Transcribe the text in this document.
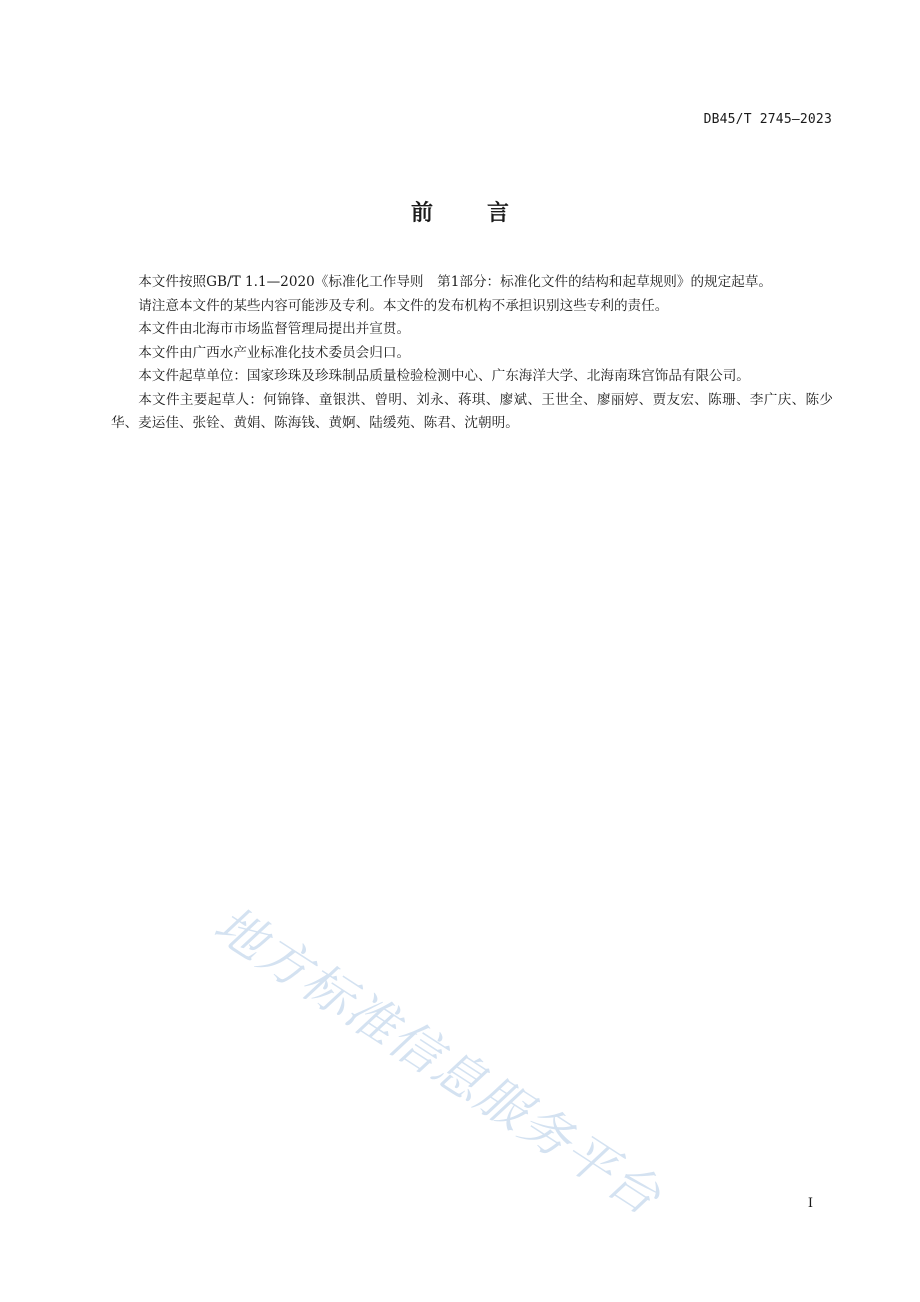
DB45/T 2745—2023
前 言

本文件按照GB/T 1.1—2020《标准化工作导则　第1部分：标准化文件的结构和起草规则》的规定起草。

请注意本文件的某些内容可能涉及专利。本文件的发布机构不承担识别这些专利的责任。

本文件由北海市市场监督管理局提出并宣贯。

本文件由广西水产业标准化技术委员会归口。

本文件起草单位：国家珍珠及珍珠制品质量检验检测中心、广东海洋大学、北海南珠宫饰品有限公司。

本文件主要起草人：何锦锋、童银洪、曾明、刘永、蒋琪、廖斌、王世全、廖丽婷、贾友宏、陈珊、李广庆、陈少华、麦运佳、张铨、黄娟、陈海钱、黄婀、陆缓苑、陈君、沈朝明。

地方标准信息服务平台	I
